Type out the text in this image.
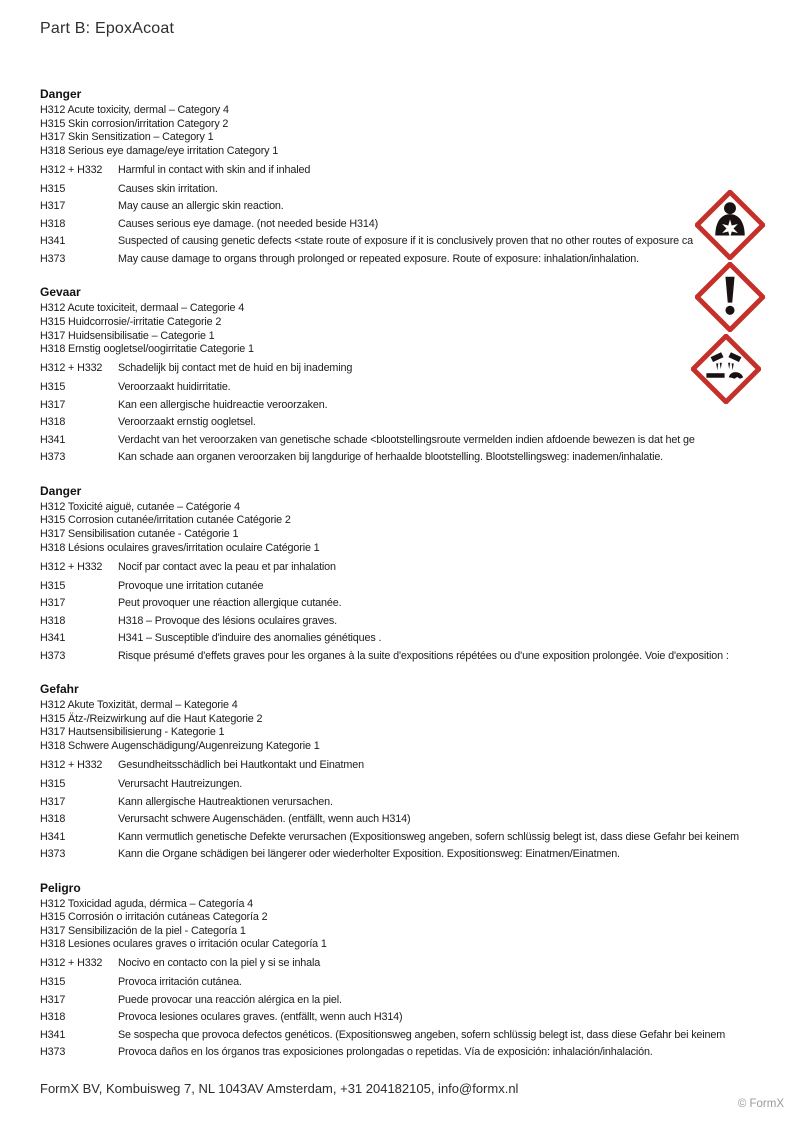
Part B: EpoxAcoat
Danger
H312 Acute toxicity, dermal – Category 4
H315 Skin corrosion/irritation Category 2
H317 Skin Sensitization – Category 1
H318 Serious eye damage/eye irritation Category 1
H312 + H332	Harmful in contact with skin and if inhaled
H315	Causes skin irritation.
H317	May cause an allergic skin reaction.
H318	Causes serious eye damage. (not needed beside H314)
H341	Suspected of causing genetic defects <state route of exposure if it is conclusively proven that no other routes of exposure ca
H373	May cause damage to organs through prolonged or repeated exposure. Route of exposure: inhalation/inhalation.
Gevaar
H312 Acute toxiciteit, dermaal – Categorie 4
H315 Huidcorrosie/-irritatie Categorie 2
H317 Huidsensibilisatie – Categorie 1
H318 Ernstig oogletsel/oogirritatie Categorie 1
H312 + H332	Schadelijk bij contact met de huid en bij inademing
H315	Veroorzaakt huidirritatie.
H317	Kan een allergische huidreactie veroorzaken.
H318	Veroorzaakt ernstig oogletsel.
H341	Verdacht van het veroorzaken van genetische schade <blootstellingsroute vermelden indien afdoende bewezen is dat het ge
H373	Kan schade aan organen veroorzaken bij langdurige of herhaalde blootstelling. Blootstellingsweg: inademen/inhalatie.
Danger
H312 Toxicité aiguë, cutanée – Catégorie 4
H315 Corrosion cutanée/irritation cutanée Catégorie 2
H317 Sensibilisation cutanée - Catégorie 1
H318 Lésions oculaires graves/irritation oculaire Catégorie 1
H312 + H332	Nocif par contact avec la peau et par inhalation
H315	Provoque une irritation cutanée
H317	Peut provoquer une réaction allergique cutanée.
H318	H318 – Provoque des lésions oculaires graves.
H341	H341 – Susceptible d'induire des anomalies génétiques .
H373	Risque présumé d'effets graves pour les organes à la suite d'expositions répétées ou d'une exposition prolongée. Voie d'exposition :
Gefahr
H312 Akute Toxizität, dermal – Kategorie 4
H315 Ätz-/Reizwirkung auf die Haut Kategorie 2
H317 Hautsensibilisierung - Kategorie 1
H318 Schwere Augenschädigung/Augenreizung Kategorie 1
H312 + H332	Gesundheitsschädlich bei Hautkontakt und Einatmen
H315	Verursacht Hautreizungen.
H317	Kann allergische Hautreaktionen verursachen.
H318	Verursacht schwere Augenschäden. (entfällt, wenn auch H314)
H341	Kann vermutlich genetische Defekte verursachen (Expositionsweg angeben, sofern schlüssig belegt ist, dass diese Gefahr bei keinem
H373	Kann die Organe schädigen bei längerer oder wiederholter Exposition. Expositionsweg: Einatmen/Einatmen.
Peligro
H312 Toxicidad aguda, dérmica – Categoría 4
H315 Corrosión o irritación cutáneas Categoría 2
H317 Sensibilización de la piel - Categoría 1
H318 Lesiones oculares graves o irritación ocular Categoría 1
H312 + H332	Nocivo en contacto con la piel y si se inhala
H315	Provoca irritación cutánea.
H317	Puede provocar una reacción alérgica en la piel.
H318	Provoca lesiones oculares graves. (entfällt, wenn auch H314)
H341	Se sospecha que provoca defectos genéticos. (Expositionsweg angeben, sofern schlüssig belegt ist, dass diese Gefahr bei keinem
H373	Provoca daños en los órganos tras exposiciones prolongadas o repetidas. Vía de exposición: inhalación/inhalación.
FormX BV, Kombuisweg 7, NL 1043AV Amsterdam, +31 204182105, info@formx.nl
© FormX
